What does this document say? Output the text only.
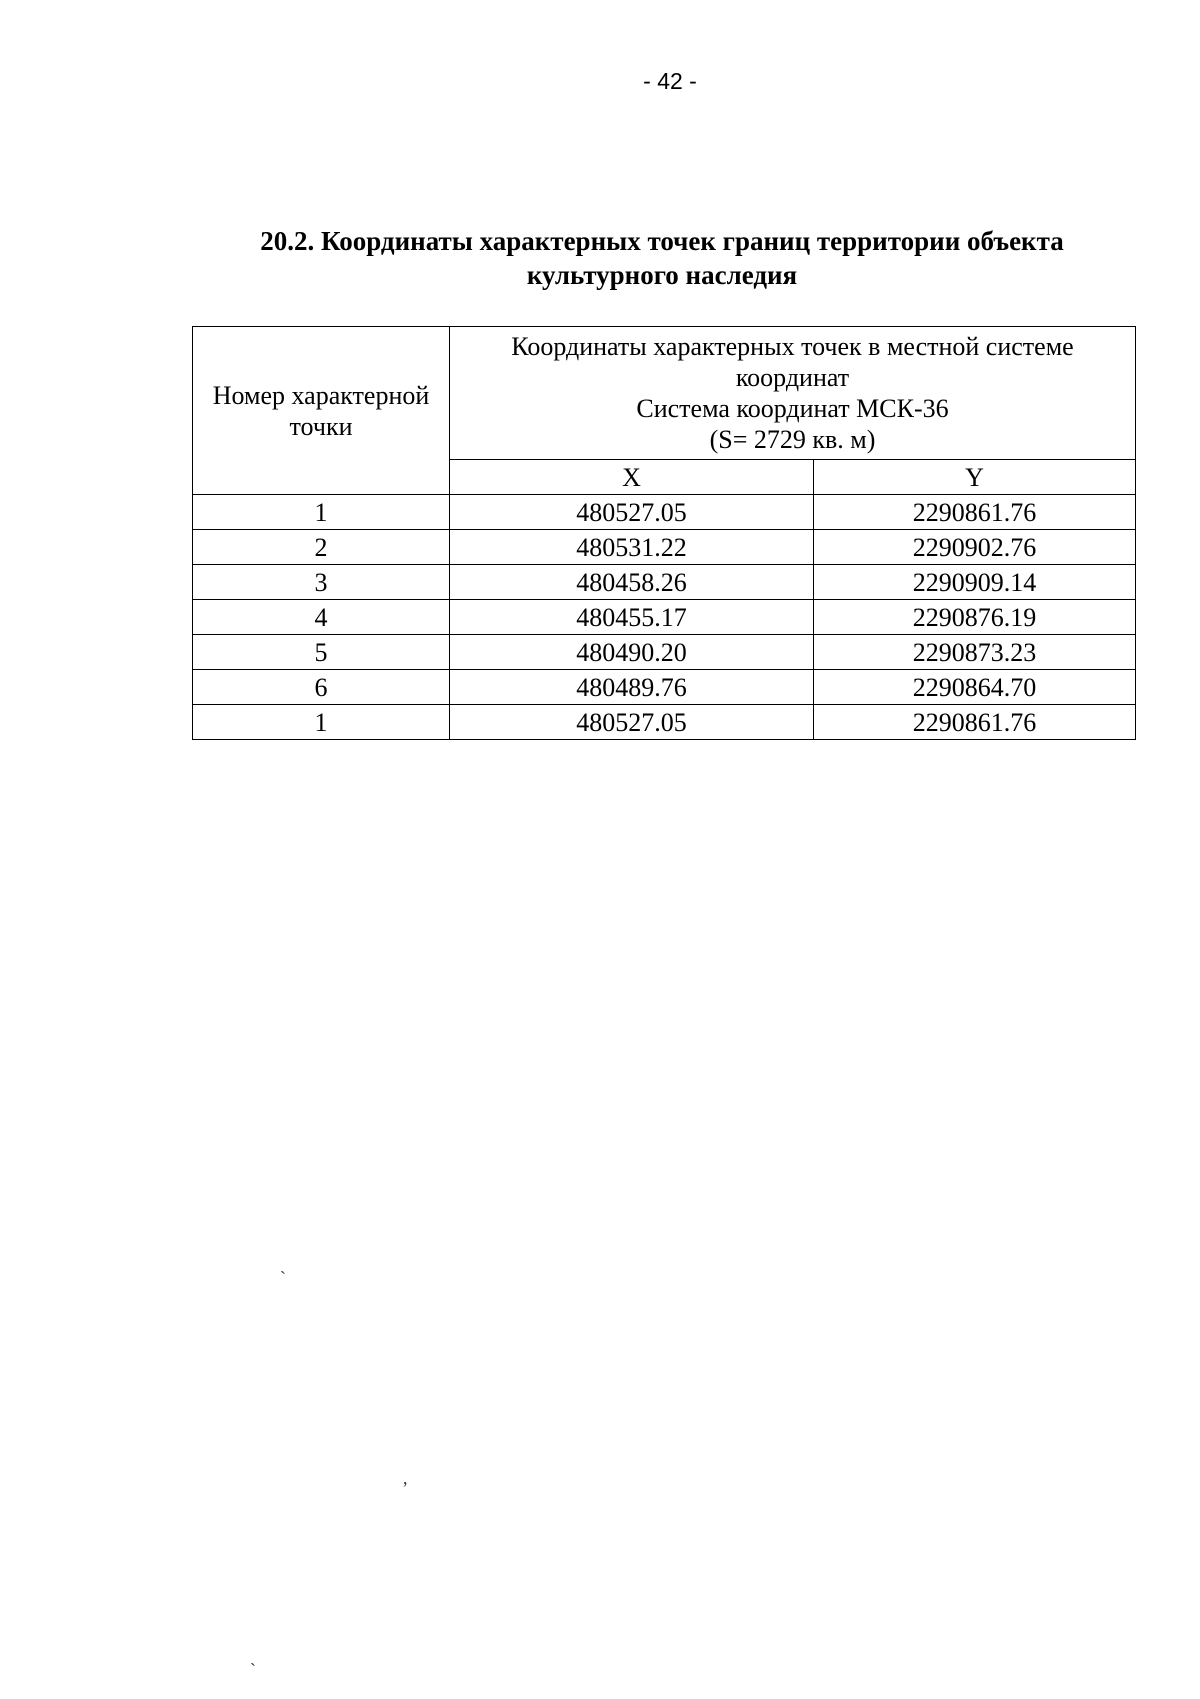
- 42 -
20.2. Координаты характерных точек границ территории объекта
культурного наследия
Номер характерной точки	Координаты характерных точек в местной системе
координат
Система координат МСК-36
(S= 2729 кв. м)	

	X	Y
1	480527.05	2290861.76
2	480531.22	2290902.76
3	480458.26	2290909.14
4	480455.17	2290876.19
5	480490.20	2290873.23
6	480489.76	2290864.70
1	480527.05	2290861.76
`
,
`
